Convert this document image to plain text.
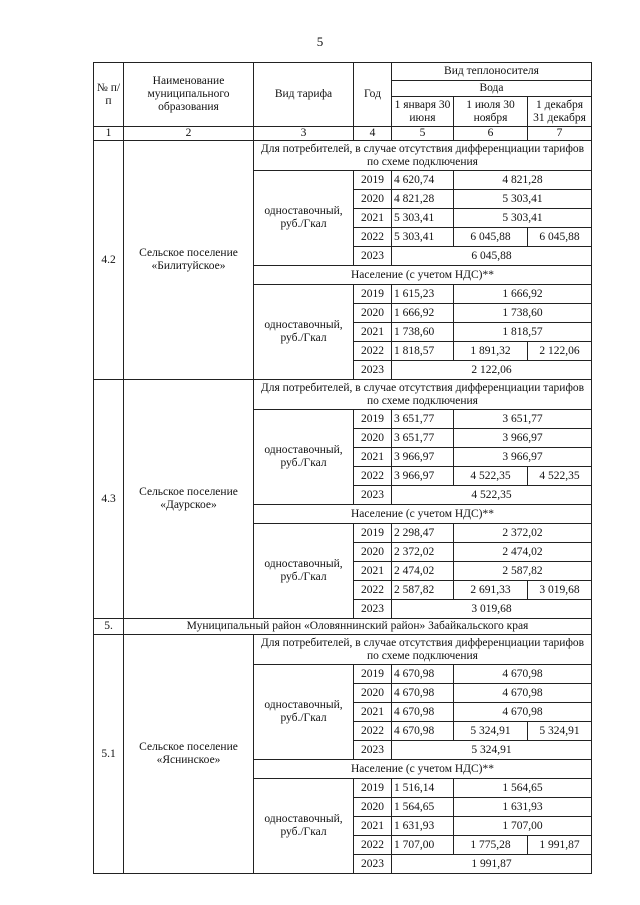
5
№ п/п	Наименование муниципального образования	Вид тарифа	Год	Вид теплоносителя		
				Вода		
				1 января 30 июня	1 июля 30 ноября	1 декабря 31 декабря
1	2	3	4	5	6	7
4.2	Сельское поселение «Билитуйское»	Для потребителей, в случае отсутствия дифференциации тарифов по схеме подключения				
		одноставочный, руб./Гкал	2019	4 620,74	4 821,28	
			2020	4 821,28	5 303,41	
			2021	5 303,41	5 303,41	
			2022	5 303,41	6 045,88	6 045,88
			2023	6 045,88		
		Население (с учетом НДС)**				
		одноставочный, руб./Гкал	2019	1 615,23	1 666,92	
			2020	1 666,92	1 738,60	
			2021	1 738,60	1 818,57	
			2022	1 818,57	1 891,32	2 122,06
			2023	2 122,06		
4.3	Сельское поселение «Даурское»	Для потребителей, в случае отсутствия дифференциации тарифов по схеме подключения				
		одноставочный, руб./Гкал	2019	3 651,77	3 651,77	
			2020	3 651,77	3 966,97	
			2021	3 966,97	3 966,97	
			2022	3 966,97	4 522,35	4 522,35
			2023	4 522,35		
		Население (с учетом НДС)**				
		одноставочный, руб./Гкал	2019	2 298,47	2 372,02	
			2020	2 372,02	2 474,02	
			2021	2 474,02	2 587,82	
			2022	2 587,82	2 691,33	3 019,68
			2023	3 019,68		
5.	Муниципальный район «Оловяннинский район» Забайкальского края					
5.1	Сельское поселение «Яснинское»	Для потребителей, в случае отсутствия дифференциации тарифов по схеме подключения				
		одноставочный, руб./Гкал	2019	4 670,98	4 670,98	
			2020	4 670,98	4 670,98	
			2021	4 670,98	4 670,98	
			2022	4 670,98	5 324,91	5 324,91
			2023	5 324,91		
		Население (с учетом НДС)**				
		одноставочный, руб./Гкал	2019	1 516,14	1 564,65	
			2020	1 564,65	1 631,93	
			2021	1 631,93	1 707,00	
			2022	1 707,00	1 775,28	1 991,87
			2023	1 991,87		
